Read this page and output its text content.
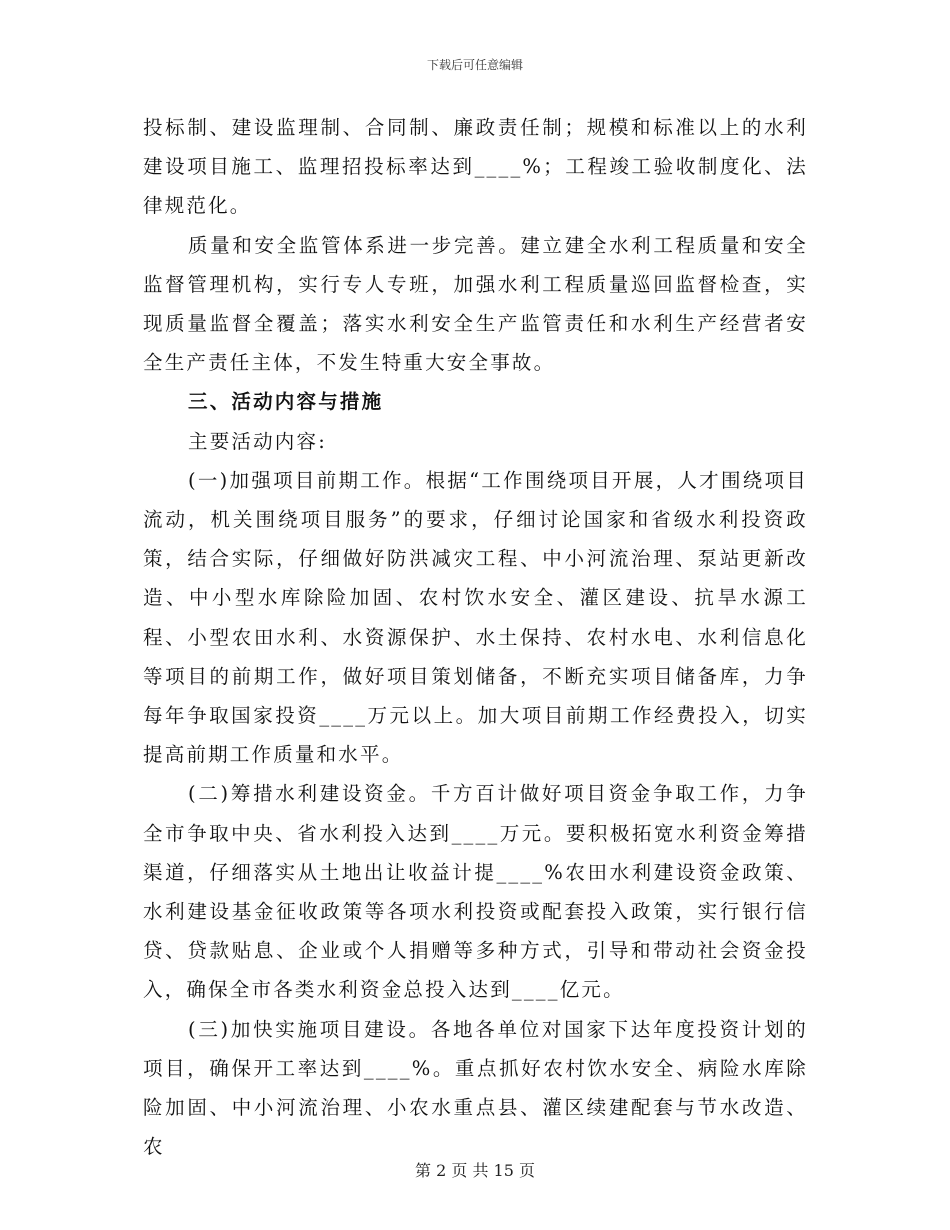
下载后可任意编辑

投标制、建设监理制、合同制、廉政责任制；规模和标准以上的水利建设项目施工、监理招投标率达到____%；工程竣工验收制度化、法律规范化。

质量和安全监管体系进一步完善。建立建全水利工程质量和安全监督管理机构，实行专人专班，加强水利工程质量巡回监督检查，实现质量监督全覆盖；落实水利安全生产监管责任和水利生产经营者安全生产责任主体，不发生特重大安全事故。

三、活动内容与措施

主要活动内容:

(一)加强项目前期工作。根据“工作围绕项目开展，人才围绕项目流动，机关围绕项目服务”的要求，仔细讨论国家和省级水利投资政策，结合实际，仔细做好防洪减灾工程、中小河流治理、泵站更新改造、中小型水库除险加固、农村饮水安全、灌区建设、抗旱水源工程、小型农田水利、水资源保护、水土保持、农村水电、水利信息化等项目的前期工作，做好项目策划储备，不断充实项目储备库，力争每年争取国家投资____万元以上。加大项目前期工作经费投入，切实提高前期工作质量和水平。

(二)筹措水利建设资金。千方百计做好项目资金争取工作，力争全市争取中央、省水利投入达到____万元。要积极拓宽水利资金筹措渠道，仔细落实从土地出让收益计提____%农田水利建设资金政策、水利建设基金征收政策等各项水利投资或配套投入政策，实行银行信贷、贷款贴息、企业或个人捐赠等多种方式，引导和带动社会资金投入，确保全市各类水利资金总投入达到____亿元。

(三)加快实施项目建设。各地各单位对国家下达年度投资计划的项目，确保开工率达到____%。重点抓好农村饮水安全、病险水库除险加固、中小河流治理、小农水重点县、灌区续建配套与节水改造、农

第 2 页 共 15 页
